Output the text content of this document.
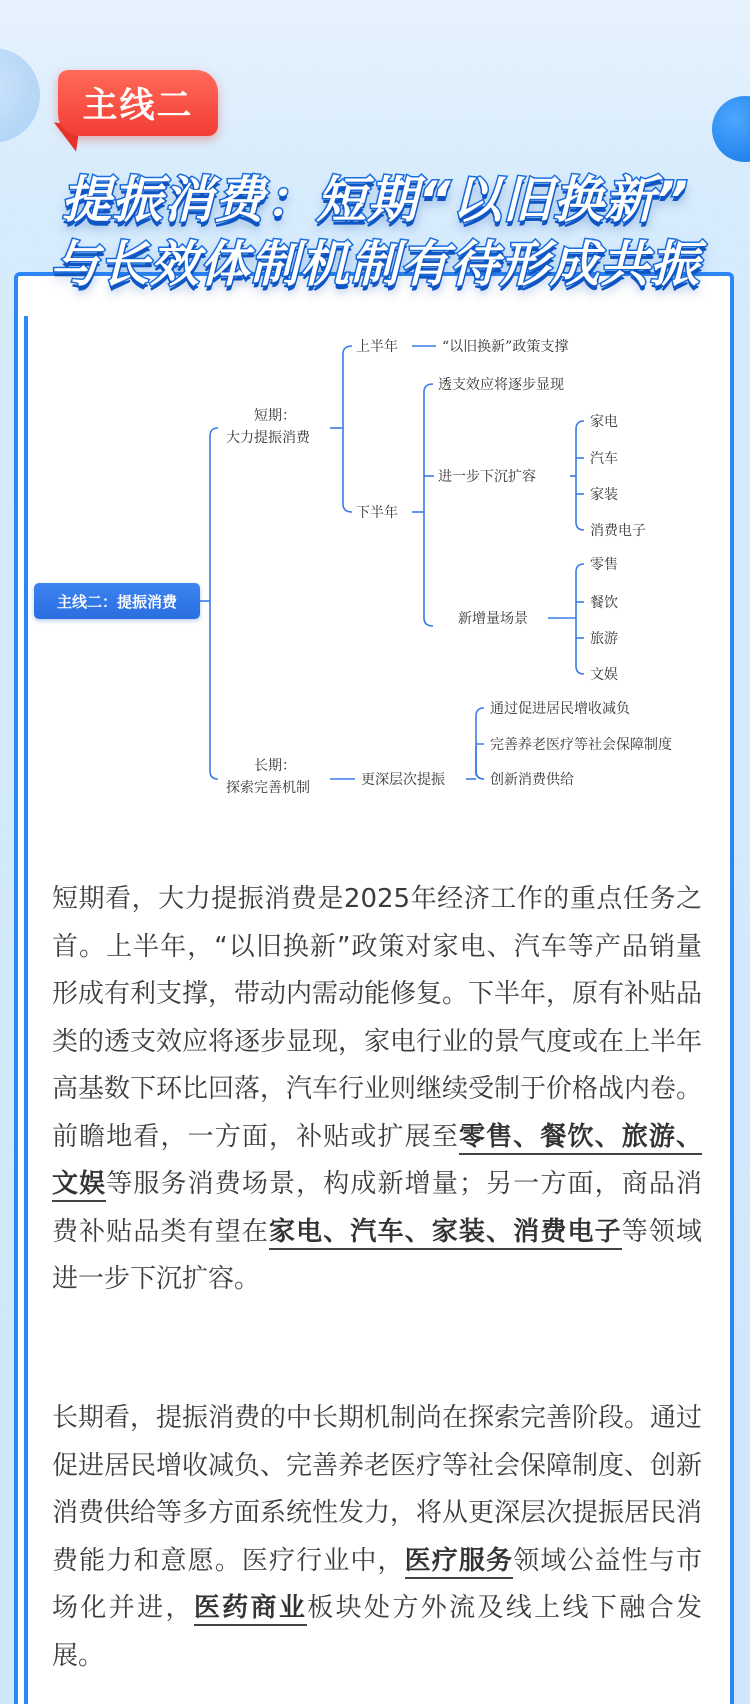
主线二
提振消费：短期“以旧换新”
与长效体制机制有待形成共振
短期：
大力提振消费
上半年	“以旧换新”政策支撑
下半年
透支效应将逐步显现
进一步下沉扩容
家电
汽车
家装
消费电子
新增量场景
零售
餐饮
旅游
文娱
长期：
探索完善机制	更深层次提振
通过促进居民增收减负
完善养老医疗等社会保障制度
创新消费供给
主线二：提振消费
短期看，大力提振消费是2025年经济工作的重点任务之首。上半年，“以旧换新”政策对家电、汽车等产品销量形成有利支撑，带动内需动能修复。下半年，原有补贴品类的透支效应将逐步显现，家电行业的景气度或在上半年高基数下环比回落，汽车行业则继续受制于价格战内卷。前瞻地看，一方面，补贴或扩展至零售、餐饮、旅游、文娱等服务消费场景，构成新增量；另一方面，商品消费补贴品类有望在家电、汽车、家装、消费电子等领域进一步下沉扩容。
长期看，提振消费的中长期机制尚在探索完善阶段。通过促进居民增收减负、完善养老医疗等社会保障制度、创新消费供给等多方面系统性发力，将从更深层次提振居民消费能力和意愿。医疗行业中，医疗服务领域公益性与市场化并进，医药商业板块处方外流及线上线下融合发展。
